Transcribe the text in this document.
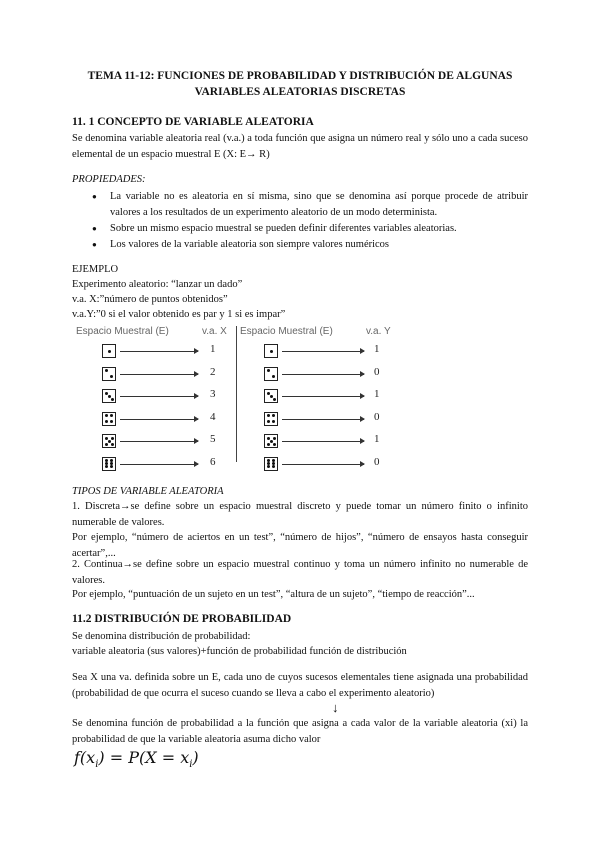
TEMA 11-12: FUNCIONES DE PROBABILIDAD Y DISTRIBUCIÓN DE ALGUNAS
VARIABLES ALEATORIAS DISCRETAS
11. 1 CONCEPTO DE VARIABLE ALEATORIA
Se denomina variable aleatoria real (v.a.) a toda función que asigna un número real y sólo uno a cada suceso elemental de un espacio muestral E (X: E→ R)
PROPIEDADES:
● La variable no es aleatoria en sí misma, sino que se denomina así porque procede de atribuir valores a los resultados de un experimento aleatorio de un modo determinista.
● Sobre un mismo espacio muestral se pueden definir diferentes variables aleatorias.
● Los valores de la variable aleatoria son siempre valores numéricos
EJEMPLO
Experimento aleatorio: “lanzar un dado”
v.a. X:”número de puntos obtenidos”
v.a.Y:”0 si el valor obtenido es par y 1 si es impar”
Espacio Muestral (E)	v.a. X Espacio Muestral (E)	v.a. Y
1	1
2	0
3	1
4	0
5	1
6	0
TIPOS DE VARIABLE ALEATORIA
1. Discreta→se define sobre un espacio muestral discreto y puede tomar un número finito o infinito numerable de valores.
Por ejemplo, “número de aciertos en un test”, “número de hijos”, “número de ensayos hasta conseguir acertar”,...
2. Continua→se define sobre un espacio muestral continuo y toma un número infinito no numerable de valores.
Por ejemplo, “puntuación de un sujeto en un test”, “altura de un sujeto”, “tiempo de reacción”...
11.2 DISTRIBUCIÓN DE PROBABILIDAD
Se denomina distribución de probabilidad:
variable aleatoria (sus valores)+función de probabilidad función de distribución
Sea X una va. definida sobre un E, cada uno de cuyos sucesos elementales tiene asignada una probabilidad (probabilidad de que ocurra el suceso cuando se lleva a cabo el experimento aleatorio)
↓
Se denomina función de probabilidad a la función que asigna a cada valor de la variable aleatoria (xi) la probabilidad de que la variable aleatoria asuma dicho valor
$f(x_i) = P(X = x_i)$
